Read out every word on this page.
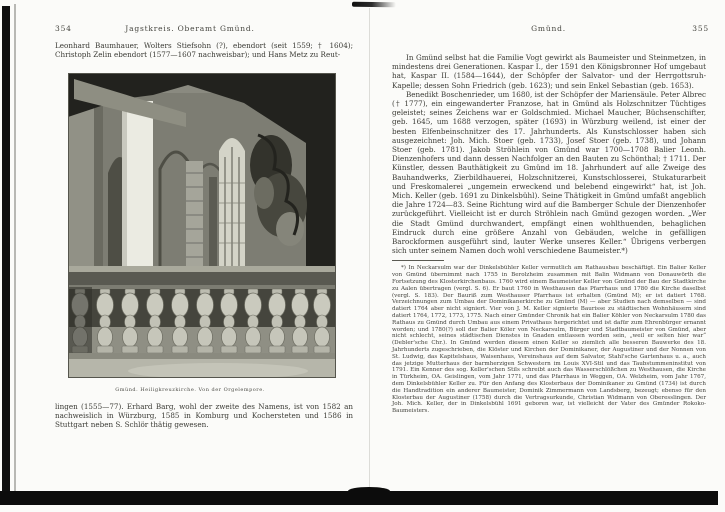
354	Jagstkreis. Oberamt Gmünd.

Leonhard Baumhauer, Wolters Stiefsohn (?), ebendort (seit 1559; † 1604); Christoph Zelin ebendort (1577—1607 nachweisbar); und Hans Metz zu Reut-

Gmünd. Heiligkreuzkirche. Von der Orgelempore.

lingen (1555—77). Erhard Barg, wohl der zweite des Namens, ist von 1582 an nachweislich in Würzburg, 1585 in Komburg und Kochersteten und 1586 in Stuttgart neben S. Schlör thätig gewesen.

Gmünd.	355

In Gmünd selbst hat die Familie Vogt gewirkt als Baumeister und Steinmetzen, in mindestens drei Generationen. Kaspar I., der 1591 den Königsbronner Hof umgebaut hat, Kaspar II. (1584—1644), der Schöpfer der Salvator- und der Herrgottsruh-Kapelle; dessen Sohn Friedrich (geb. 1623); und sein Enkel Sebastian (geb. 1653).

Benedikt Boschenrieder, um 1680, ist der Schöpfer der Mariensäule. Peter Albrec († 1777), ein eingewanderter Franzose, hat in Gmünd als Holzschnitzer Tüchtiges geleistet; seines Zeichens war er Goldschmied. Michael Maucher, Büchsenschifter, geb. 1645, um 1688 verzogen, später (1693) in Würzburg weilend, ist einer der besten Elfenbeinschnitzer des 17. Jahrhunderts. Als Kunstschlosser haben sich ausgezeichnet: Joh. Mich. Stoer (geb. 1733), Josef Stoer (geb. 1738), und Johann Stoer (geb. 1781). Jakob Ströhlein von Gmünd war 1700—1708 Balier Leonh. Dienzenhofers und dann dessen Nachfolger an den Bauten zu Schönthal; † 1711. Der Künstler, dessen Bauthätigkeit zu Gmünd im 18. Jahrhundert auf alle Zweige des Bauhandwerks, Zierbildhauerei, Holzschnitzerei, Kunstschlosserei, Stukaturarbeit und Freskomalerei „ungemein erweckend und belebend eingewirkt“ hat, ist Joh. Mich. Keller (geb. 1691 zu Dinkelsbühl). Seine Thätigkeit in Gmünd umfaßt angeblich die Jahre 1724—83. Seine Richtung wird auf die Bamberger Schule der Dienzenhofer zurückgeführt. Vielleicht ist er durch Ströhlein nach Gmünd gezogen worden. „Wer die Stadt Gmünd durchwandert, empfängt einen wohlthuenden, behaglichen Eindruck durch eine größere Anzahl von Gebäuden, welche in gefälligen Barockformen ausgeführt sind, lauter Werke unseres Keller.“ Übrigens verbergen sich unter seinem Namen doch wohl verschiedene Baumeister.*)

*) In Neckarsulm war der Dinkelsbühler Keller vermutlich am Rathausbau beschäftigt. Ein Balier Keller von Gmünd übernimmt nach 1755 in Berolzheim zusammen mit Balin Widmann von Donauwörth die Fortsetzung des Klosterkirchenbaus. 1760 wird einem Baumeister Keller von Gmünd der Bau der Stadtkirche zu Aalen übertragen (vergl. S. 6). Er baut 1760 in Westhausen das Pfarrhaus und 1780 die Kirche daselbst (vergl. S. 183). Der Bauriß zum Westhauser Pfarrhaus ist erhalten (Gmünd M); er ist datiert 1768. Verzeichnungen zum Umbau der Dominikanerkirche zu Gmünd (M) — aber Studien nach demselben — sind datiert 1764 aber nicht signiert. Vier von J. M. Keller signierte Baurisse zu städtischen Wohnhäusern sind datiert 1764, 1772, 1773, 1775. Nach einer Gmünder Chronik hat ein Balier Köhler von Neckarsulm 1780 das Rathaus zu Gmünd durch Umbau aus einem Privathaus hergerichtet und ist dafür zum Ehrenbürger ernannt worden; und 1780(?) soll der Balier Köler von Neckarsulm, Bürger und Stadtbaumeister von Gmünd, aber nicht schlecht, seines städtischen Dienstes in Gnaden entlassen worden sein, „weil er selten hier war“ (Debler'sche Chr.). In Gmünd werden diesem einen Keller so ziemlich alle besseren Bauwerke des 18. Jahrhunderts zugeschrieben, die Klöster und Kirchen der Dominikaner, der Augustiner und der Nonnen von St. Ludwig, das Kapitelshaus, Waisenhaus, Vereinshaus auf dem Salvator, Stahl'sche Gartenhaus u. a., auch das jetzige Mutterhaus der barmherzigen Schwestern im Louis XVI-Stil und das Taubstummeninstitut von 1791. Ein Kenner des sog. Keller'schen Stils schreibt auch das Wasserschlößchen zu Westhausen, die Kirche in Türkheim, OA. Geislingen, vom Jahr 1771, und das Pfarrhaus in Weggen, OA. Welzheim, vom Jahr 1767, dem Dinkelsbühler Keller zu. Für den Anfang des Klosterbaus der Dominikaner zu Gmünd (1734) ist durch die Handtradition ein anderer Baumeister, Dominik Zimmermann von Landsberg, bezeugt; ebenso für den Klosterbau der Augustiner (1758) durch die Vertragsurkunde, Christian Widmann von Oberesslingen. Der Joh. Mich. Keller, der in Dinkelsbühl 1691 geboren war, ist vielleicht der Vater des Gmünder Rokoko-Baumeisters.
